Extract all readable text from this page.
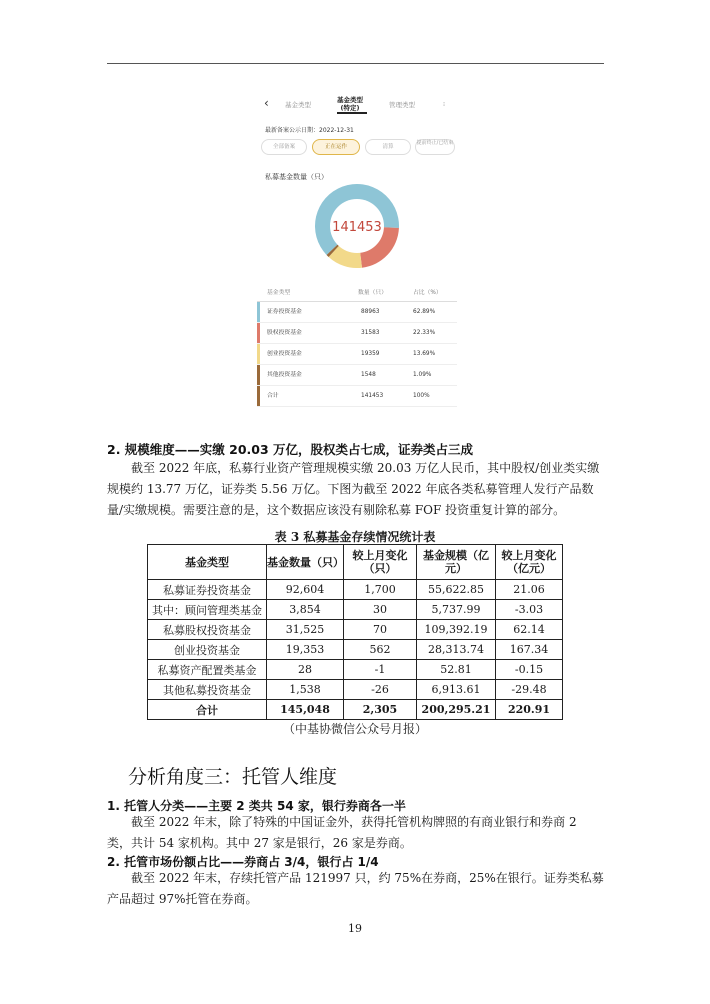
‹ 基金类型
基金类型
(特定)	管理类型	⁝
最新备案公示日期：2022-12-31
全部备案	正在运作	清算
提前终止/已结束
私募基金数量（只）
141453
基金类型	数量（只）	占比（%）
证券投资基金	88963	62.89%
股权投资基金	31583	22.33%
创业投资基金	19359	13.69%
其他投资基金	1548	1.09%
合计	141453	100%
2. 规模维度——实缴 20.03 万亿，股权类占七成，证券类占三成
截至 2022 年底，私募行业资产管理规模实缴 20.03 万亿人民币，其中股权/创业类实缴规模约 13.77 万亿，证券类 5.56 万亿。下图为截至 2022 年底各类私募管理人发行产品数量/实缴规模。需要注意的是，这个数据应该没有剔除私募 FOF 投资重复计算的部分。
表 3 私募基金存续情况统计表
基金类型	基金数量（只）	较上月变化（只）	基金规模（亿元）	较上月变化（亿元）
私募证券投资基金	92,604	1,700	55,622.85	21.06
其中：顾问管理类基金	3,854	30	5,737.99	-3.03
私募股权投资基金	31,525	70	109,392.19	62.14
创业投资基金	19,353	562	28,313.74	167.34
私募资产配置类基金	28	-1	52.81	-0.15
其他私募投资基金	1,538	-26	6,913.61	-29.48
合计	145,048	2,305	200,295.21	220.91
（中基协微信公众号月报）
分析角度三：托管人维度
1. 托管人分类——主要 2 类共 54 家，银行券商各一半
截至 2022 年末，除了特殊的中国证金外，获得托管机构牌照的有商业银行和券商 2 类，共计 54 家机构。其中 27 家是银行，26 家是券商。
2. 托管市场份额占比——券商占 3/4，银行占 1/4
截至 2022 年末，存续托管产品 121997 只，约 75%在券商，25%在银行。证券类私募产品超过 97%托管在券商。
19
